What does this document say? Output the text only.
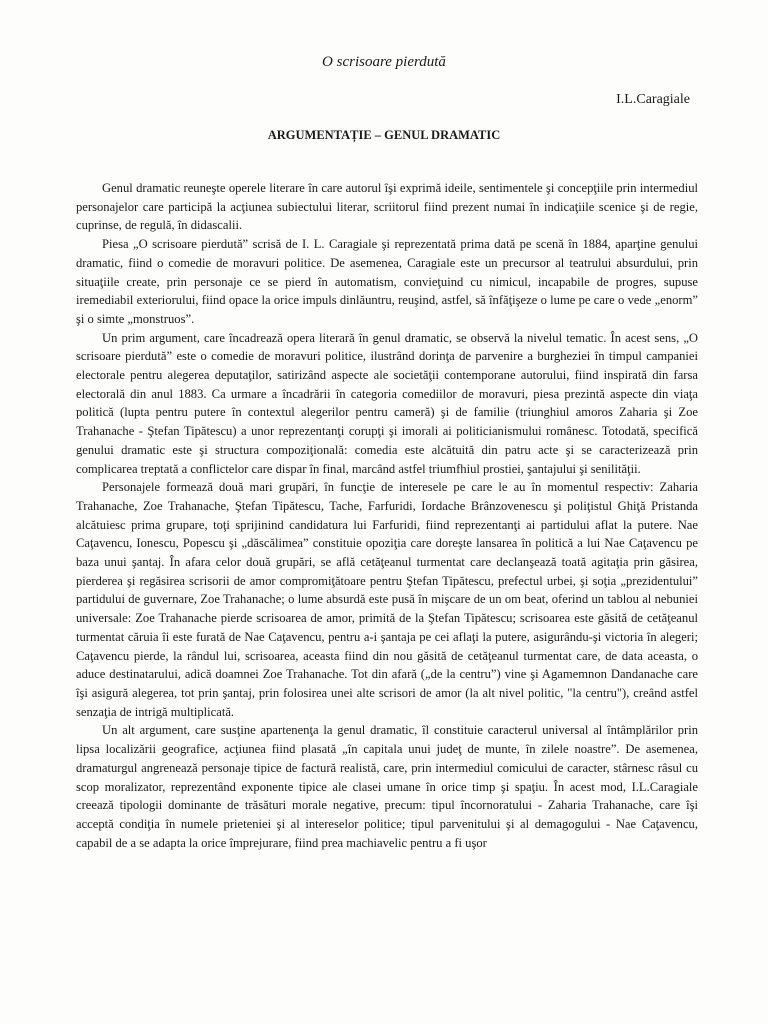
O scrisoare pierdută
I.L.Caragiale
ARGUMENTAȚIE – GENUL DRAMATIC

Genul dramatic reuneşte operele literare în care autorul îşi exprimă ideile, sentimentele şi concepţiile prin intermediul personajelor care participă la acţiunea subiectului literar, scriitorul fiind prezent numai în indicaţiile scenice şi de regie, cuprinse, de regulă, în didascalii.

Piesa „O scrisoare pierdută” scrisă de I. L. Caragiale şi reprezentată prima dată pe scenă în 1884, aparţine genului dramatic, fiind o comedie de moravuri politice. De asemenea, Caragiale este un precursor al teatrului absurdului, prin situaţiile create, prin personaje ce se pierd în automatism, convieţuind cu nimicul, incapabile de progres, supuse iremediabil exteriorului, fiind opace la orice impuls dinlăuntru, reuşind, astfel, să înfăţişeze o lume pe care o vede „enorm” şi o simte „monstruos”.

Un prim argument, care încadrează opera literară în genul dramatic, se observă la nivelul tematic. În acest sens, „O scrisoare pierdută” este o comedie de moravuri politice, ilustrând dorinţa de parvenire a burgheziei în timpul campaniei electorale pentru alegerea deputaţilor, satirizând aspecte ale societăţii contemporane autorului, fiind inspirată din farsa electorală din anul 1883. Ca urmare a încadrării în categoria comediilor de moravuri, piesa prezintă aspecte din viaţa politică (lupta pentru putere în contextul alegerilor pentru cameră) şi de familie (triunghiul amoros Zaharia şi Zoe Trahanache - Ştefan Tipătescu) a unor reprezentanţi corupţi şi imorali ai politicianismului românesc. Totodată, specifică genului dramatic este şi structura compoziţională: comedia este alcătuită din patru acte şi se caracterizează prin complicarea treptată a conflictelor care dispar în final, marcând astfel triumfhiul prostiei, şantajului şi senilităţii.

Personajele formează două mari grupări, în funcţie de interesele pe care le au în momentul respectiv: Zaharia Trahanache, Zoe Trahanache, Ştefan Tipătescu, Tache, Farfuridi, Iordache Brânzovenescu şi poliţistul Ghiţă Pristanda alcătuiesc prima grupare, toţi sprijinind candidatura lui Farfuridi, fiind reprezentanţi ai partidului aflat la putere. Nae Caţavencu, Ionescu, Popescu şi „dăscălimea” constituie opoziţia care doreşte lansarea în politică a lui Nae Caţavencu pe baza unui şantaj. În afara celor două grupări, se află cetăţeanul turmentat care declanşează toată agitaţia prin găsirea, pierderea şi regăsirea scrisorii de amor compromiţătoare pentru Ştefan Tipătescu, prefectul urbei, şi soţia „prezidentului” partidului de guvernare, Zoe Trahanache; o lume absurdă este pusă în mişcare de un om beat, oferind un tablou al nebuniei universale: Zoe Trahanache pierde scrisoarea de amor, primită de la Ştefan Tipătescu; scrisoarea este găsită de cetăţeanul turmentat căruia îi este furată de Nae Caţavencu, pentru a-i şantaja pe cei aflaţi la putere, asigurându-şi victoria în alegeri; Caţavencu pierde, la rândul lui, scrisoarea, aceasta fiind din nou găsită de cetăţeanul turmentat care, de data aceasta, o aduce destinatarului, adică doamnei Zoe Trahanache. Tot din afară („de la centru”) vine şi Agamemnon Dandanache care îşi asigură alegerea, tot prin şantaj, prin folosirea unei alte scrisori de amor (la alt nivel politic, "la centru"), creând astfel senzaţia de intrigă multiplicată.

Un alt argument, care susţine apartenenţa la genul dramatic, îl constituie caracterul universal al întâmplărilor prin lipsa localizării geografice, acţiunea fiind plasată „în capitala unui judeţ de munte, în zilele noastre”. De asemenea, dramaturgul angrenează personaje tipice de factură realistă, care, prin intermediul comicului de caracter, stârnesc râsul cu scop moralizator, reprezentând exponente tipice ale clasei umane în orice timp şi spaţiu. În acest mod, I.L.Caragiale creează tipologii dominante de trăsături morale negative, precum: tipul încornoratului - Zaharia Trahanache, care îşi acceptă condiţia în numele prieteniei şi al intereselor politice; tipul parvenitului şi al demagogului - Nae Caţavencu, capabil de a se adapta la orice împrejurare, fiind prea machiavelic pentru a fi uşor
